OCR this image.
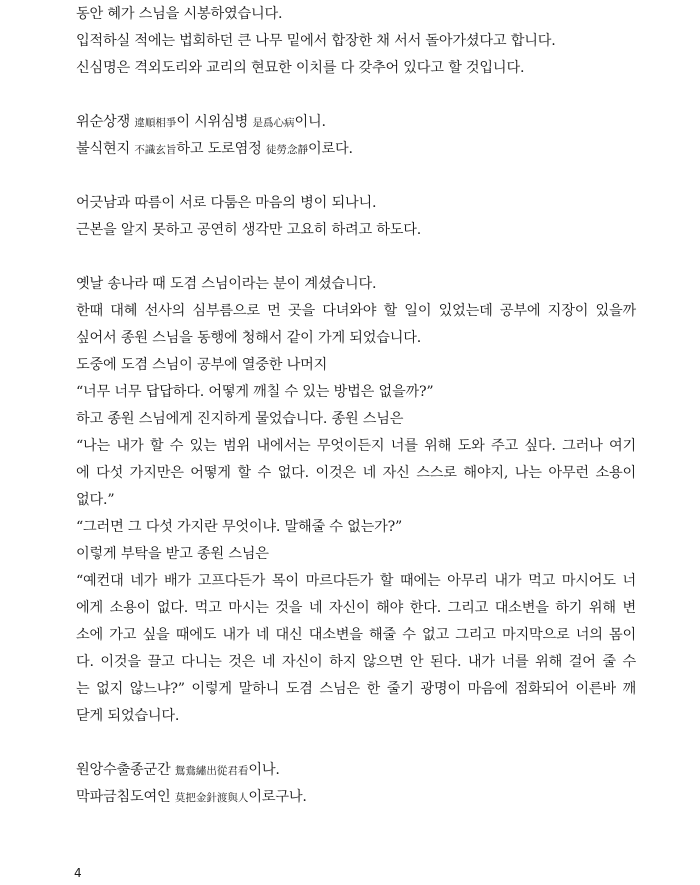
동안 혜가 스님을 시봉하였습니다.
입적하실 적에는 법회하던 큰 나무 밑에서 합장한 채 서서 돌아가셨다고 합니다.
신심명은 격외도리와 교리의 현묘한 이치를 다 갖추어 있다고 할 것입니다.
위순상쟁 違順相爭이 시위심병 是爲心病이니.
불식현지 不識玄旨하고 도로염정 徒勞念靜이로다.
어긋남과 따름이 서로 다툼은 마음의 병이 되나니.
근본을 알지 못하고 공연히 생각만 고요히 하려고 하도다.
옛날 송나라 때 도겸 스님이라는 분이 계셨습니다.
한때 대혜 선사의 심부름으로 먼 곳을 다녀와야 할 일이 있었는데 공부에 지장이 있을까
싶어서 종원 스님을 동행에 청해서 같이 가게 되었습니다.
도중에 도겸 스님이 공부에 열중한 나머지
“너무 너무 답답하다. 어떻게 깨칠 수 있는 방법은 없을까?”
하고 종원 스님에게 진지하게 물었습니다. 종원 스님은
“나는 내가 할 수 있는 범위 내에서는 무엇이든지 너를 위해 도와 주고 싶다. 그러나 여기
에 다섯 가지만은 어떻게 할 수 없다. 이것은 네 자신 스스로 해야지, 나는 아무런 소용이
없다.”
“그러면 그 다섯 가지란 무엇이냐. 말해줄 수 없는가?”
이렇게 부탁을 받고 종원 스님은
“예컨대 네가 배가 고프다든가 목이 마르다든가 할 때에는 아무리 내가 먹고 마시어도 너
에게 소용이 없다. 먹고 마시는 것을 네 자신이 해야 한다. 그리고 대소변을 하기 위해 변
소에 가고 싶을 때에도 내가 네 대신 대소변을 해줄 수 없고 그리고 마지막으로 너의 몸이
다. 이것을 끌고 다니는 것은 네 자신이 하지 않으면 안 된다. 내가 너를 위해 걸어 줄 수
는 없지 않느냐?” 이렇게 말하니 도겸 스님은 한 줄기 광명이 마음에 점화되어 이른바 깨
닫게 되었습니다.
원앙수출종군간 鴛鴦繡出從君看이나.
막파금침도여인 莫把金針渡與人이로구나.
4
